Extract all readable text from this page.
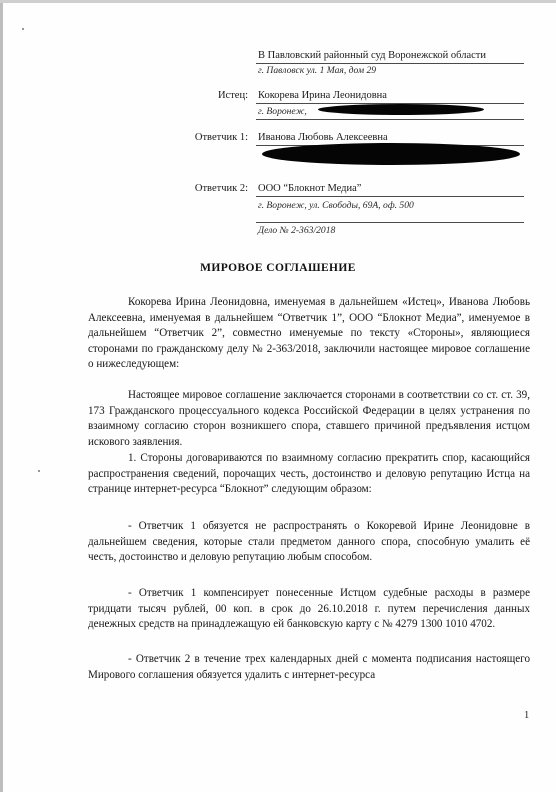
В Павловский районный суд Воронежской области
г. Павловск ул. 1 Мая, дом 29
Истец: Кокорева Ирина Леонидовна
г. Воронеж,
Ответчик 1: Иванова Любовь Алексеевна
Ответчик 2: ООО “Блокнот Медиа”
г. Воронеж, ул. Свободы, 69А, оф. 500
Дело № 2-363/2018
МИРОВОЕ СОГЛАШЕНИЕ
Кокорева Ирина Леонидовна, именуемая в дальнейшем «Истец», Иванова Любовь Алексеевна, именуемая в дальнейшем “Ответчик 1”, ООО “Блокнот Медиа”, именуемое в дальнейшем “Ответчик 2”, совместно именуемые по тексту «Стороны», являющиеся сторонами по гражданскому делу № 2-363/2018, заключили настоящее мировое соглашение о нижеследующем:
Настоящее мировое соглашение заключается сторонами в соответствии со ст. ст. 39, 173 Гражданского процессуального кодекса Российской Федерации в целях устранения по взаимному согласию сторон возникшего спора, ставшего причиной предъявления истцом искового заявления.
1. Стороны договариваются по взаимному согласию прекратить спор, касающийся распространения сведений, порочащих честь, достоинство и деловую репутацию Истца на странице интернет-ресурса “Блокнот” следующим образом:
- Ответчик 1 обязуется не распространять о Кокоревой Ирине Леонидовне в дальнейшем сведения, которые стали предметом данного спора, способную умалить её честь, достоинство и деловую репутацию любым способом.
- Ответчик 1 компенсирует понесенные Истцом судебные расходы в размере тридцати тысяч рублей, 00 коп. в срок до 26.10.2018 г. путем перечисления данных денежных средств на принадлежащую ей банковскую карту с № 4279 1300 1010 4702.
- Ответчик 2 в течение трех календарных дней с момента подписания настоящего Мирового соглашения обязуется удалить с интернет-ресурса
1
